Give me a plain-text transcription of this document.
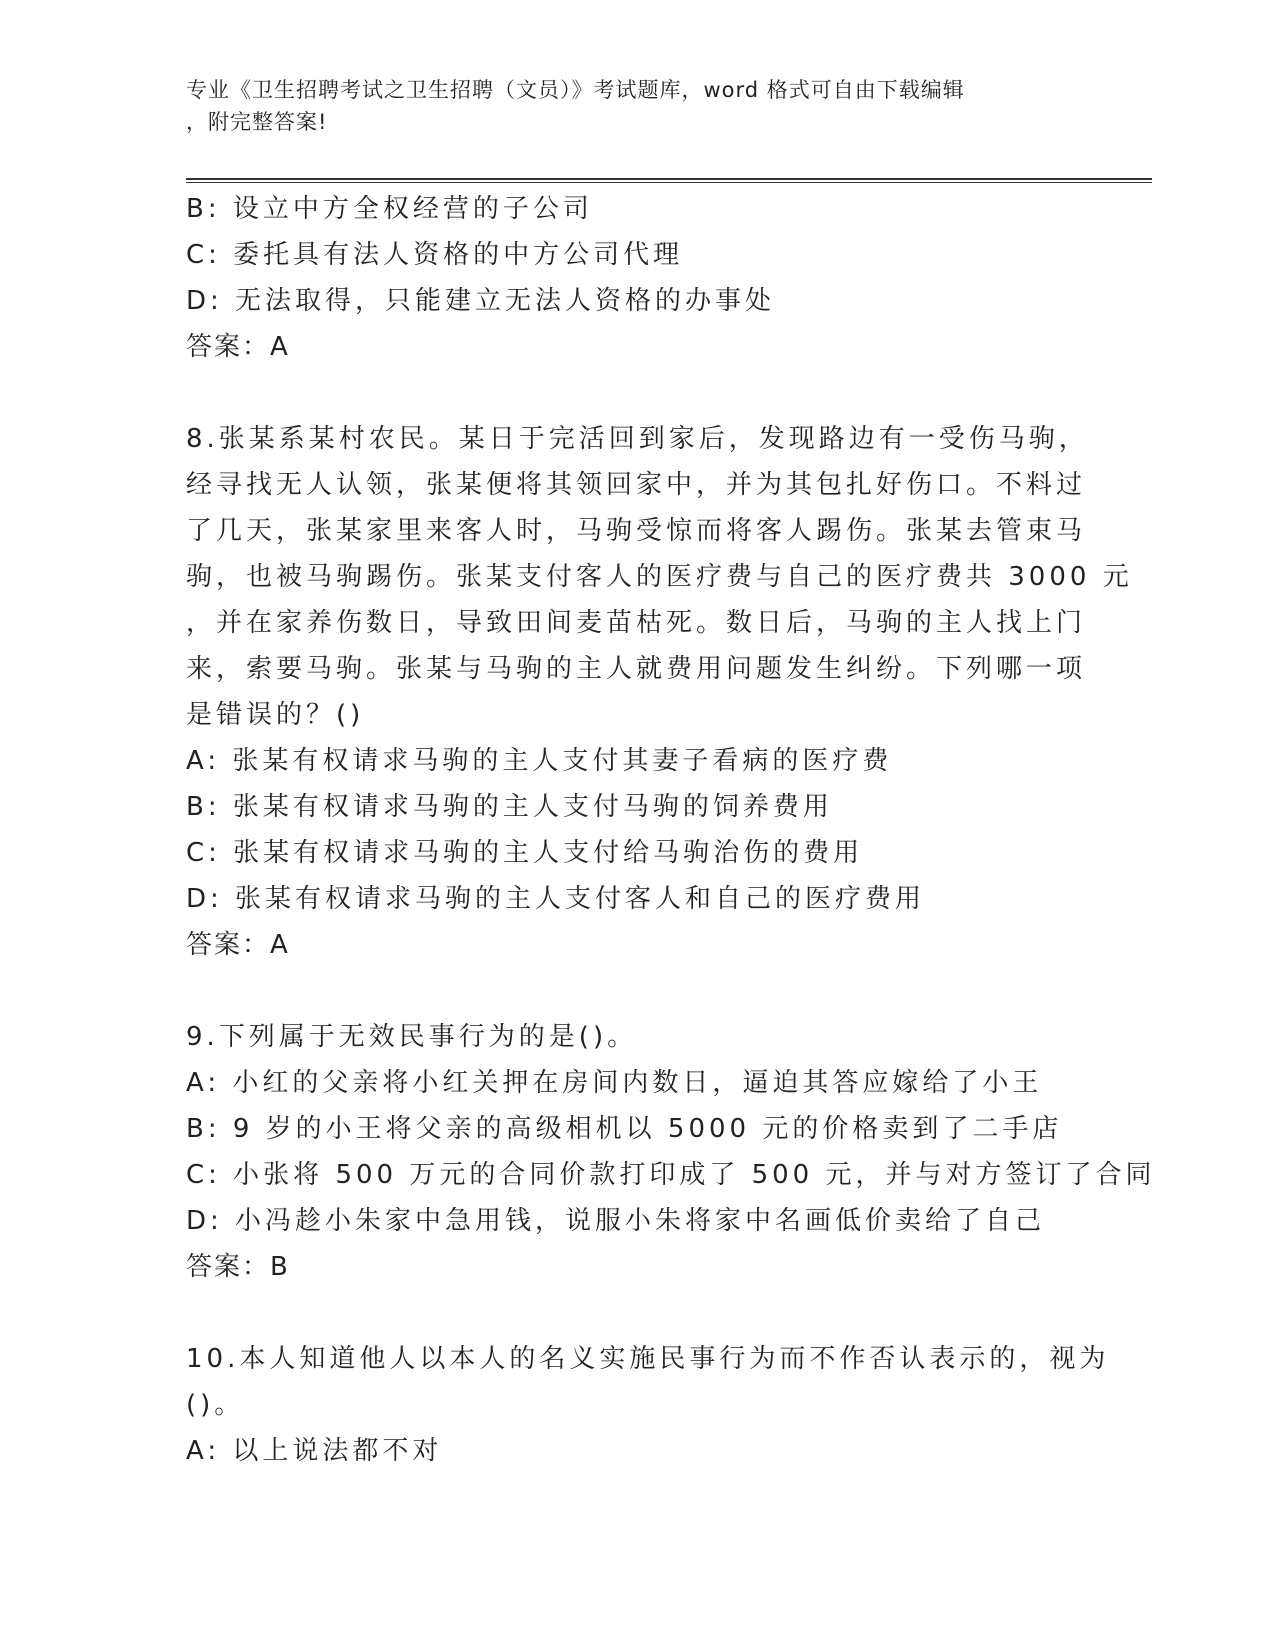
专业《卫生招聘考试之卫生招聘（文员）》考试题库，word 格式可自由下载编辑
，附完整答案!
B: 设立中方全权经营的子公司
C: 委托具有法人资格的中方公司代理
D: 无法取得，只能建立无法人资格的办事处
答案：A
8.张某系某村农民。某日于完活回到家后，发现路边有一受伤马驹，
经寻找无人认领，张某便将其领回家中，并为其包扎好伤口。不料过
了几天，张某家里来客人时，马驹受惊而将客人踢伤。张某去管束马
驹，也被马驹踢伤。张某支付客人的医疗费与自己的医疗费共 3000 元
，并在家养伤数日，导致田间麦苗枯死。数日后，马驹的主人找上门
来，索要马驹。张某与马驹的主人就费用问题发生纠纷。下列哪一项
是错误的？()
A: 张某有权请求马驹的主人支付其妻子看病的医疗费
B: 张某有权请求马驹的主人支付马驹的饲养费用
C: 张某有权请求马驹的主人支付给马驹治伤的费用
D: 张某有权请求马驹的主人支付客人和自己的医疗费用
答案：A
9.下列属于无效民事行为的是()。
A: 小红的父亲将小红关押在房间内数日，逼迫其答应嫁给了小王
B: 9 岁的小王将父亲的高级相机以 5000 元的价格卖到了二手店
C: 小张将 500 万元的合同价款打印成了 500 元，并与对方签订了合同
D: 小冯趁小朱家中急用钱，说服小朱将家中名画低价卖给了自己
答案：B
10.本人知道他人以本人的名义实施民事行为而不作否认表示的，视为
()。
A: 以上说法都不对
